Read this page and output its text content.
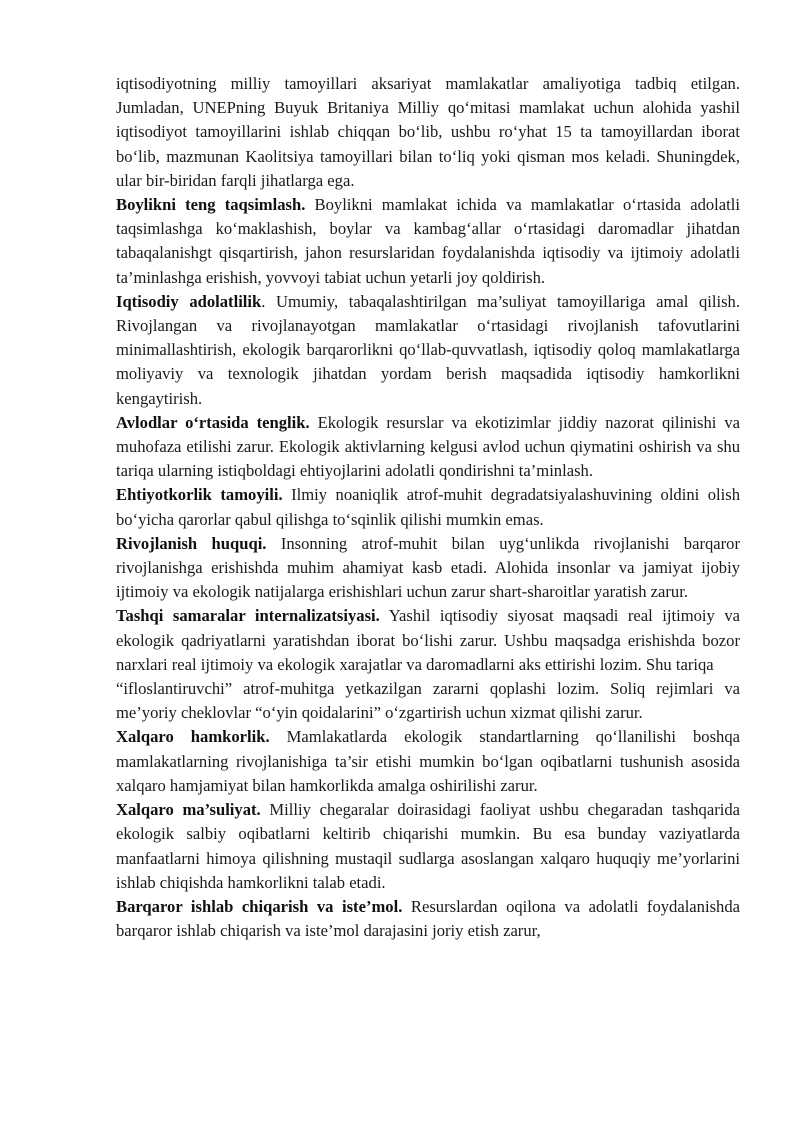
iqtisodiyotning milliy tamoyillari aksariyat mamlakatlar amaliyotiga tadbiq etilgan. Jumladan, UNEPning Buyuk Britaniya Milliy qo‘mitasi mamlakat uchun alohida yashil iqtisodiyot tamoyillarini ishlab chiqqan bo‘lib, ushbu ro‘yhat 15 ta tamoyillardan iborat bo‘lib, mazmunan Kaolitsiya tamoyillari bilan to‘liq yoki qisman mos keladi. Shuningdek, ular bir-biridan farqli jihatlarga ega.

Boylikni teng taqsimlash. Boylikni mamlakat ichida va mamlakatlar o‘rtasida adolatli taqsimlashga ko‘maklashish, boylar va kambag‘allar o‘rtasidagi daromadlar jihatdan tabaqalanishgt qisqartirish, jahon resurslaridan foydalanishda iqtisodiy va ijtimoiy adolatli ta’minlashga erishish, yovvoyi tabiat uchun yetarli joy qoldirish.

Iqtisodiy adolatlilik. Umumiy, tabaqalashtirilgan ma’suliyat tamoyillariga amal qilish. Rivojlangan va rivojlanayotgan mamlakatlar o‘rtasidagi rivojlanish tafovutlarini minimallashtirish, ekologik barqarorlikni qo‘llab-quvvatlash, iqtisodiy qoloq mamlakatlarga moliyaviy va texnologik jihatdan yordam berish maqsadida iqtisodiy hamkorlikni kengaytirish.

Avlodlar o‘rtasida tenglik. Ekologik resurslar va ekotizimlar jiddiy nazorat qilinishi va muhofaza etilishi zarur. Ekologik aktivlarning kelgusi avlod uchun qiymatini oshirish va shu tariqa ularning istiqboldagi ehtiyojlarini adolatli qondirishni ta’minlash.

Ehtiyotkorlik tamoyili. Ilmiy noaniqlik atrof-muhit degradatsiyalashuvining oldini olish bo‘yicha qarorlar qabul qilishga to‘sqinlik qilishi mumkin emas.

Rivojlanish huquqi. Insonning atrof-muhit bilan uyg‘unlikda rivojlanishi barqaror rivojlanishga erishishda muhim ahamiyat kasb etadi. Alohida insonlar va jamiyat ijobiy ijtimoiy va ekologik natijalarga erishishlari uchun zarur shart-sharoitlar yaratish zarur.

Tashqi samaralar internalizatsiyasi. Yashil iqtisodiy siyosat maqsadi real ijtimoiy va ekologik qadriyatlarni yaratishdan iborat bo‘lishi zarur. Ushbu maqsadga erishishda bozor narxlari real ijtimoiy va ekologik xarajatlar va daromadlarni aks ettirishi lozim. Shu tariqa

“ifloslantiruvchi” atrof-muhitga yetkazilgan zararni qoplashi lozim. Soliq rejimlari va me’yoriy cheklovlar “o‘yin qoidalarini” o‘zgartirish uchun xizmat qilishi zarur.

Xalqaro hamkorlik. Mamlakatlarda ekologik standartlarning qo‘llanilishi boshqa mamlakatlarning rivojlanishiga ta’sir etishi mumkin bo‘lgan oqibatlarni tushunish asosida xalqaro hamjamiyat bilan hamkorlikda amalga oshirilishi zarur.

Xalqaro ma’suliyat. Milliy chegaralar doirasidagi faoliyat ushbu chegaradan tashqarida ekologik salbiy oqibatlarni keltirib chiqarishi mumkin. Bu esa bunday vaziyatlarda manfaatlarni himoya qilishning mustaqil sudlarga asoslangan xalqaro huquqiy me’yorlarini ishlab chiqishda hamkorlikni talab etadi.

Barqaror ishlab chiqarish va iste’mol. Resurslardan oqilona va adolatli foydalanishda barqaror ishlab chiqarish va iste’mol darajasini joriy etish zarur,
